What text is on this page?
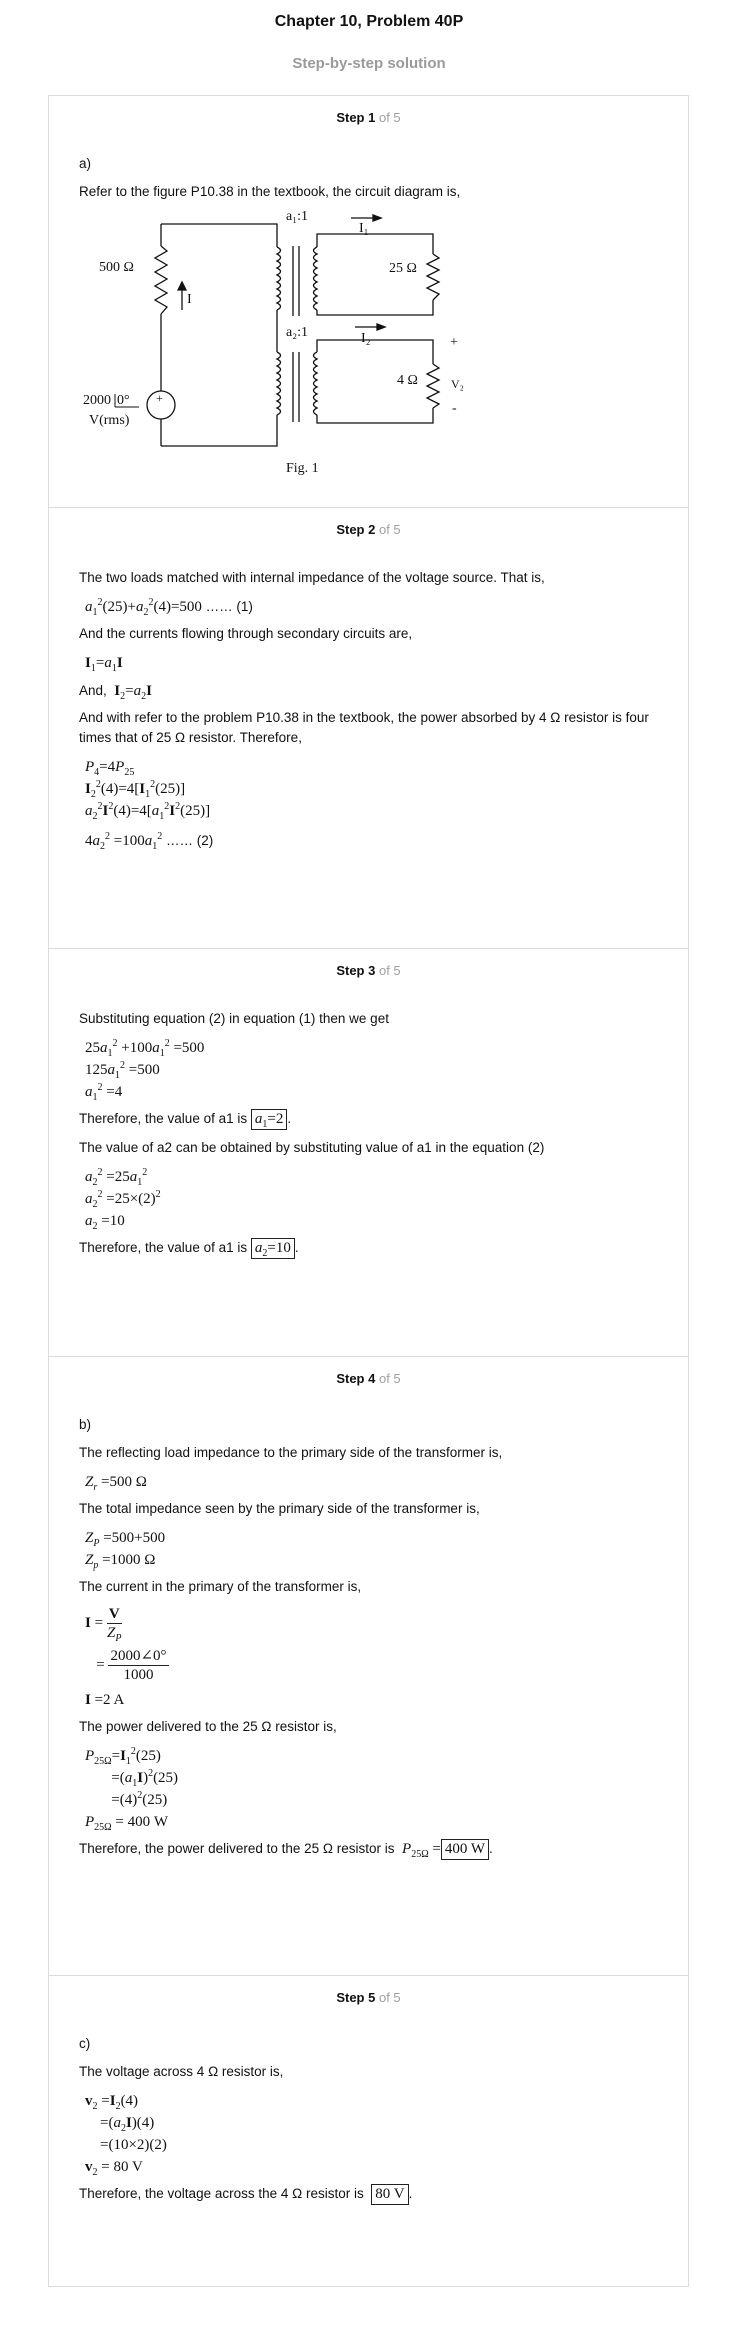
Chapter 10, Problem 40P
Step-by-step solution
Step 1 of 5

a)

Refer to the figure P10.38 in the textbook, the circuit diagram is,

500 Ω
I
a₁:1
I₁
25 Ω
a₂:1	I₂
4 Ω
+
V₂
-
2000 0°
V(rms)
+
Fig. 1
Step 2 of 5

The two loads matched with internal impedance of the voltage source. That is,

$a_1^2(25)+a_2^2(4)=500$ …… (1)

And the currents flowing through secondary circuits are,

$I_1=a_1I$
And, $I_2=a_2I$

And with refer to the problem P10.38 in the textbook, the power absorbed by 4 Ω resistor is four times that of 25 Ω resistor. Therefore,

$P_4=4P_{25}$
$I_2^2(4)=4[I_1^2(25)]$
$a_2^2I^2(4)=4[a_1^2I^2(25)]$
$4a_2^2 =100a_1^2$ …… (2)
Step 3 of 5

Substituting equation (2) in equation (1) then we get

$25a_1^2 +100a_1^2 =500$
$125a_1^2 =500$
$a_1^2 =4$

Therefore, the value of a1 is $a_1=2$ .

The value of a2 can be obtained by substituting value of a1 in the equation (2)

$a_2^2 =25a_1^2$
$a_2^2 =25\times(2)^2$
$a_2 =10$

Therefore, the value of a1 is $a_2=10$ .

Step 4 of 5

b)

The reflecting load impedance to the primary side of the transformer is,

$Z_r =500$ Ω

The total impedance seen by the primary side of the transformer is,

$Z_P =500+500$
$Z_p =1000$ Ω

The current in the primary of the transformer is,

$I = \frac{V}{Z_P}$
= $\frac{2000\angle 0^\circ}{1000}$
I =2 A

The power delivered to the 25 Ω resistor is,

$P_{25\Omega}=I_1^2(25)$
$=(a_1I)^2(25)$
$=(4)^2(25)$
$P_{25\Omega} = 400$ W

Therefore, the power delivered to the 25 Ω resistor is $P_{25\Omega} = 400$ W .

Step 5 of 5

c)

The voltage across 4 Ω resistor is,

$v_2 =I_2(4)$
$=(a_2I)(4)$
=(10×2)(2)
$v_2 = 80$ V

Therefore, the voltage across the 4 Ω resistor is 80 V .
